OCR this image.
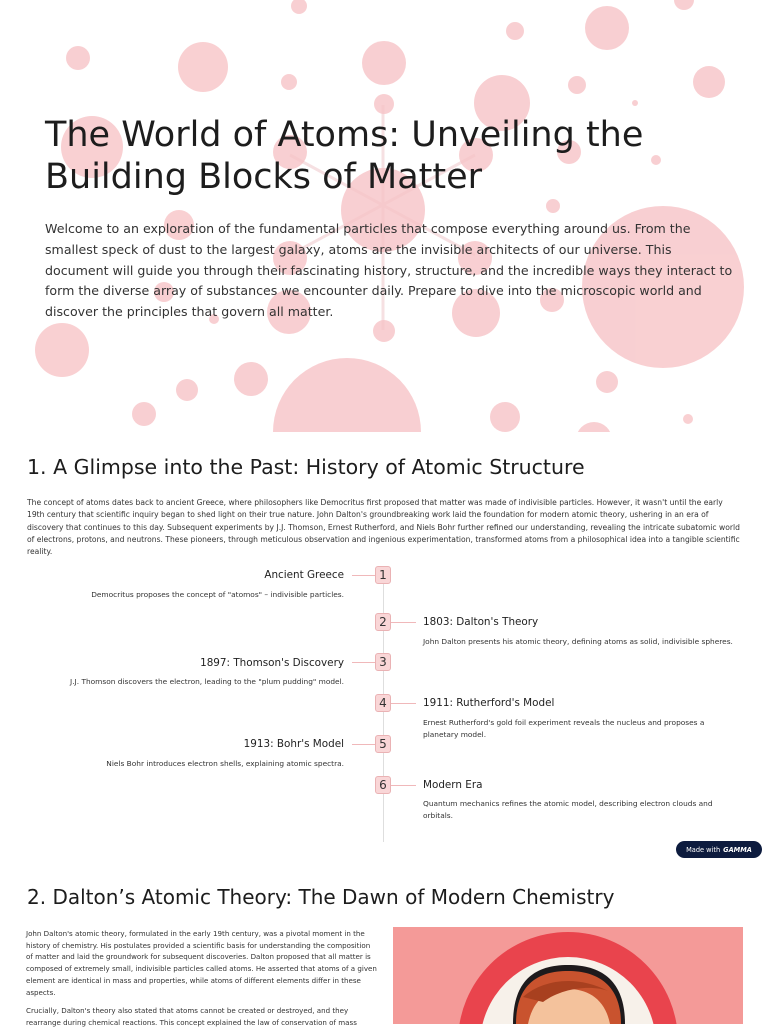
The World of Atoms: Unveiling the Building Blocks of Matter

Welcome to an exploration of the fundamental particles that compose everything around us. From the smallest speck of dust to the largest galaxy, atoms are the invisible architects of our universe. This document will guide you through their fascinating history, structure, and the incredible ways they interact to form the diverse array of substances we encounter daily. Prepare to dive into the microscopic world and discover the principles that govern all matter.

1. A Glimpse into the Past: History of Atomic Structure

The concept of atoms dates back to ancient Greece, where philosophers like Democritus first proposed that matter was made of indivisible particles. However, it wasn't until the early 19th century that scientific inquiry began to shed light on their true nature. John Dalton's groundbreaking work laid the foundation for modern atomic theory, ushering in an era of discovery that continues to this day. Subsequent experiments by J.J. Thomson, Ernest Rutherford, and Niels Bohr further refined our understanding, revealing the intricate subatomic world of electrons, protons, and neutrons. These pioneers, through meticulous observation and ingenious experimentation, transformed atoms from a philosophical idea into a tangible scientific reality.

1
Ancient Greece
Democritus proposes the concept of "atomos" – indivisible particles.
2	1803: Dalton's Theory
John Dalton presents his atomic theory, defining atoms as solid, indivisible spheres.
3
1897: Thomson's Discovery
J.J. Thomson discovers the electron, leading to the "plum pudding" model.
4	1911: Rutherford's Model
Ernest Rutherford's gold foil experiment reveals the nucleus and proposes a planetary model.
5
1913: Bohr's Model
Niels Bohr introduces electron shells, explaining atomic spectra.
6	Modern Era
Quantum mechanics refines the atomic model, describing electron clouds and orbitals.
Made with GAMMA
2. Dalton’s Atomic Theory: The Dawn of Modern Chemistry

John Dalton's atomic theory, formulated in the early 19th century, was a pivotal moment in the history of chemistry. His postulates provided a scientific basis for understanding the composition of matter and laid the groundwork for subsequent discoveries. Dalton proposed that all matter is composed of extremely small, indivisible particles called atoms. He asserted that atoms of a given element are identical in mass and properties, while atoms of different elements differ in these aspects.

Crucially, Dalton's theory also stated that atoms cannot be created or destroyed, and they rearrange during chemical reactions. This concept explained the law of conservation of mass
